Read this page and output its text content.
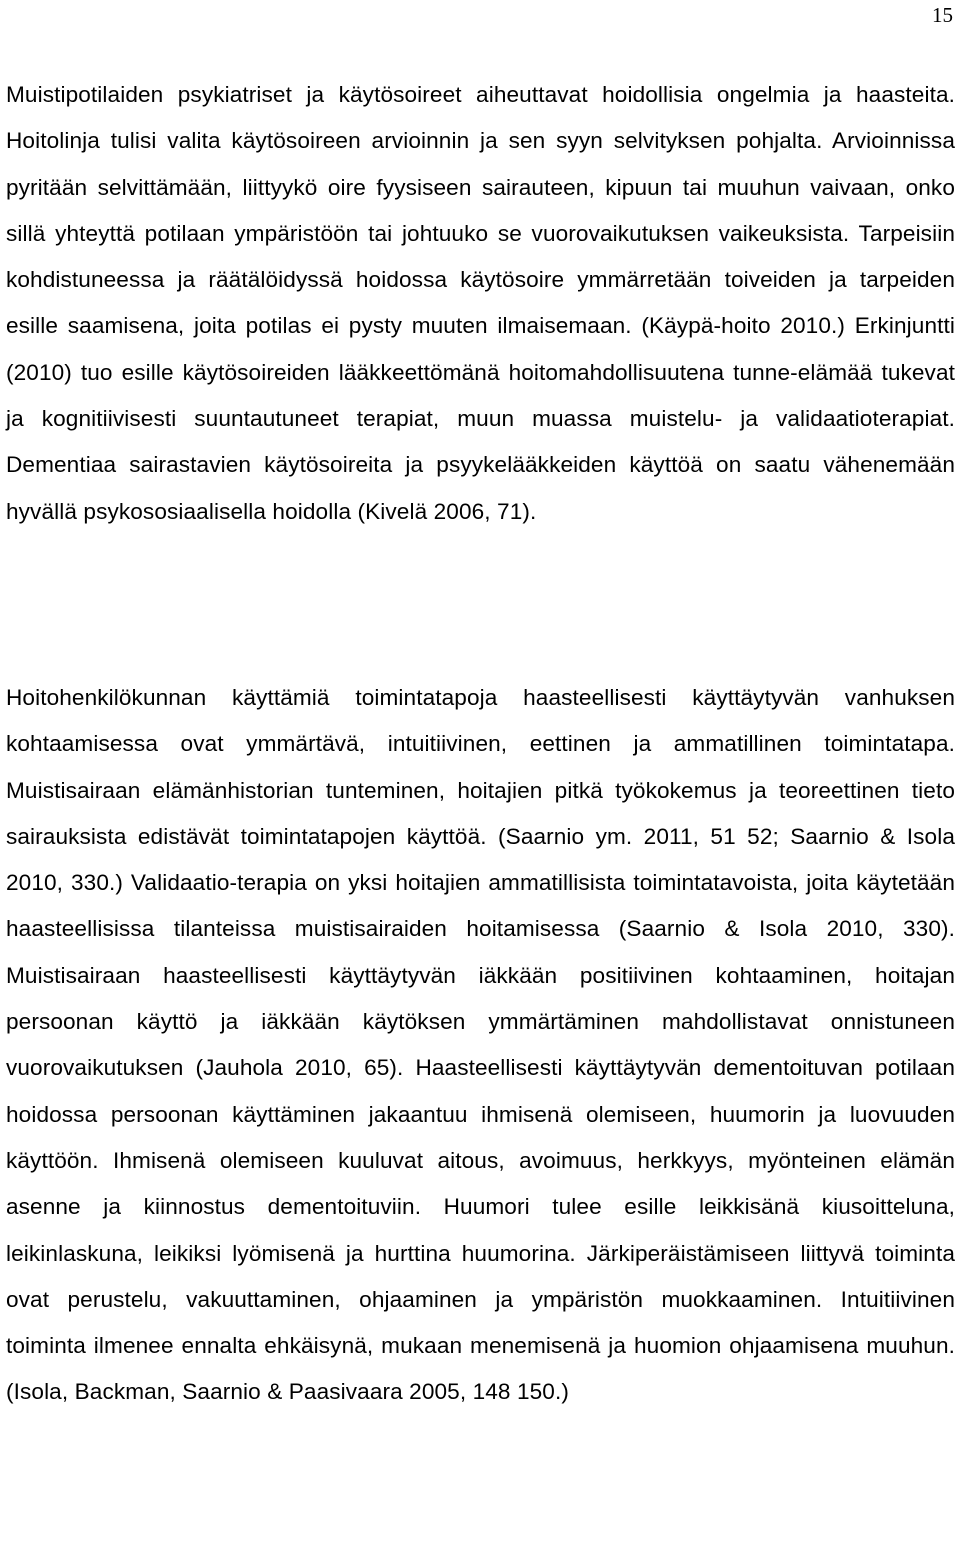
15

Muistipotilaiden psykiatriset ja käytösoireet aiheuttavat hoidollisia ongelmia ja haasteita. Hoitolinja tulisi valita käytösoireen arvioinnin ja sen syyn selvityksen pohjalta. Arvioinnissa pyritään selvittämään, liittyykö oire fyysiseen sairauteen, kipuun tai muuhun vaivaan, onko sillä yhteyttä potilaan ympäristöön tai johtuuko se vuorovaikutuksen vaikeuksista. Tarpeisiin kohdistuneessa ja räätälöidyssä hoidossa käytösoire ymmärretään toiveiden ja tarpeiden esille saamisena, joita potilas ei pysty muuten ilmaisemaan. (Käypä-hoito 2010.) Erkinjuntti (2010) tuo esille käytösoireiden lääkkeettömänä hoitomahdollisuutena tunne-elämää tukevat ja kognitiivisesti suuntautuneet terapiat, muun muassa muistelu- ja validaatioterapiat. Dementiaa sairastavien käytösoireita ja psyykelääkkeiden käyttöä on saatu vähenemään hyvällä psykososiaalisella hoidolla (Kivelä 2006, 71).

Hoitohenkilökunnan käyttämiä toimintatapoja haasteellisesti käyttäytyvän vanhuksen kohtaamisessa ovat ymmärtävä, intuitiivinen, eettinen ja ammatillinen toimintatapa. Muistisairaan elämänhistorian tunteminen, hoitajien pitkä työkokemus ja teoreettinen tieto sairauksista edistävät toimintatapojen käyttöä. (Saarnio ym. 2011, 51 52; Saarnio & Isola 2010, 330.) Validaatio-terapia on yksi hoitajien ammatillisista toimintatavoista, joita käytetään haasteellisissa tilanteissa muistisairaiden hoitamisessa (Saarnio & Isola 2010, 330). Muistisairaan haasteellisesti käyttäytyvän iäkkään positiivinen kohtaaminen, hoitajan persoonan käyttö ja iäkkään käytöksen ymmärtäminen mahdollistavat onnistuneen vuorovaikutuksen (Jauhola 2010, 65). Haasteellisesti käyttäytyvän dementoituvan potilaan hoidossa persoonan käyttäminen jakaantuu ihmisenä olemiseen, huumorin ja luovuuden käyttöön. Ihmisenä olemiseen kuuluvat aitous, avoimuus, herkkyys, myönteinen elämän asenne ja kiinnostus dementoituviin. Huumori tulee esille leikkisänä kiusoitteluna, leikinlaskuna, leikiksi lyömisenä ja hurttina huumorina. Järkiperäistämiseen liittyvä toiminta ovat perustelu, vakuuttaminen, ohjaaminen ja ympäristön muokkaaminen. Intuitiivinen toiminta ilmenee ennalta ehkäisynä, mukaan menemisenä ja huomion ohjaamisena muuhun. (Isola, Backman, Saarnio & Paasivaara 2005, 148 150.)
